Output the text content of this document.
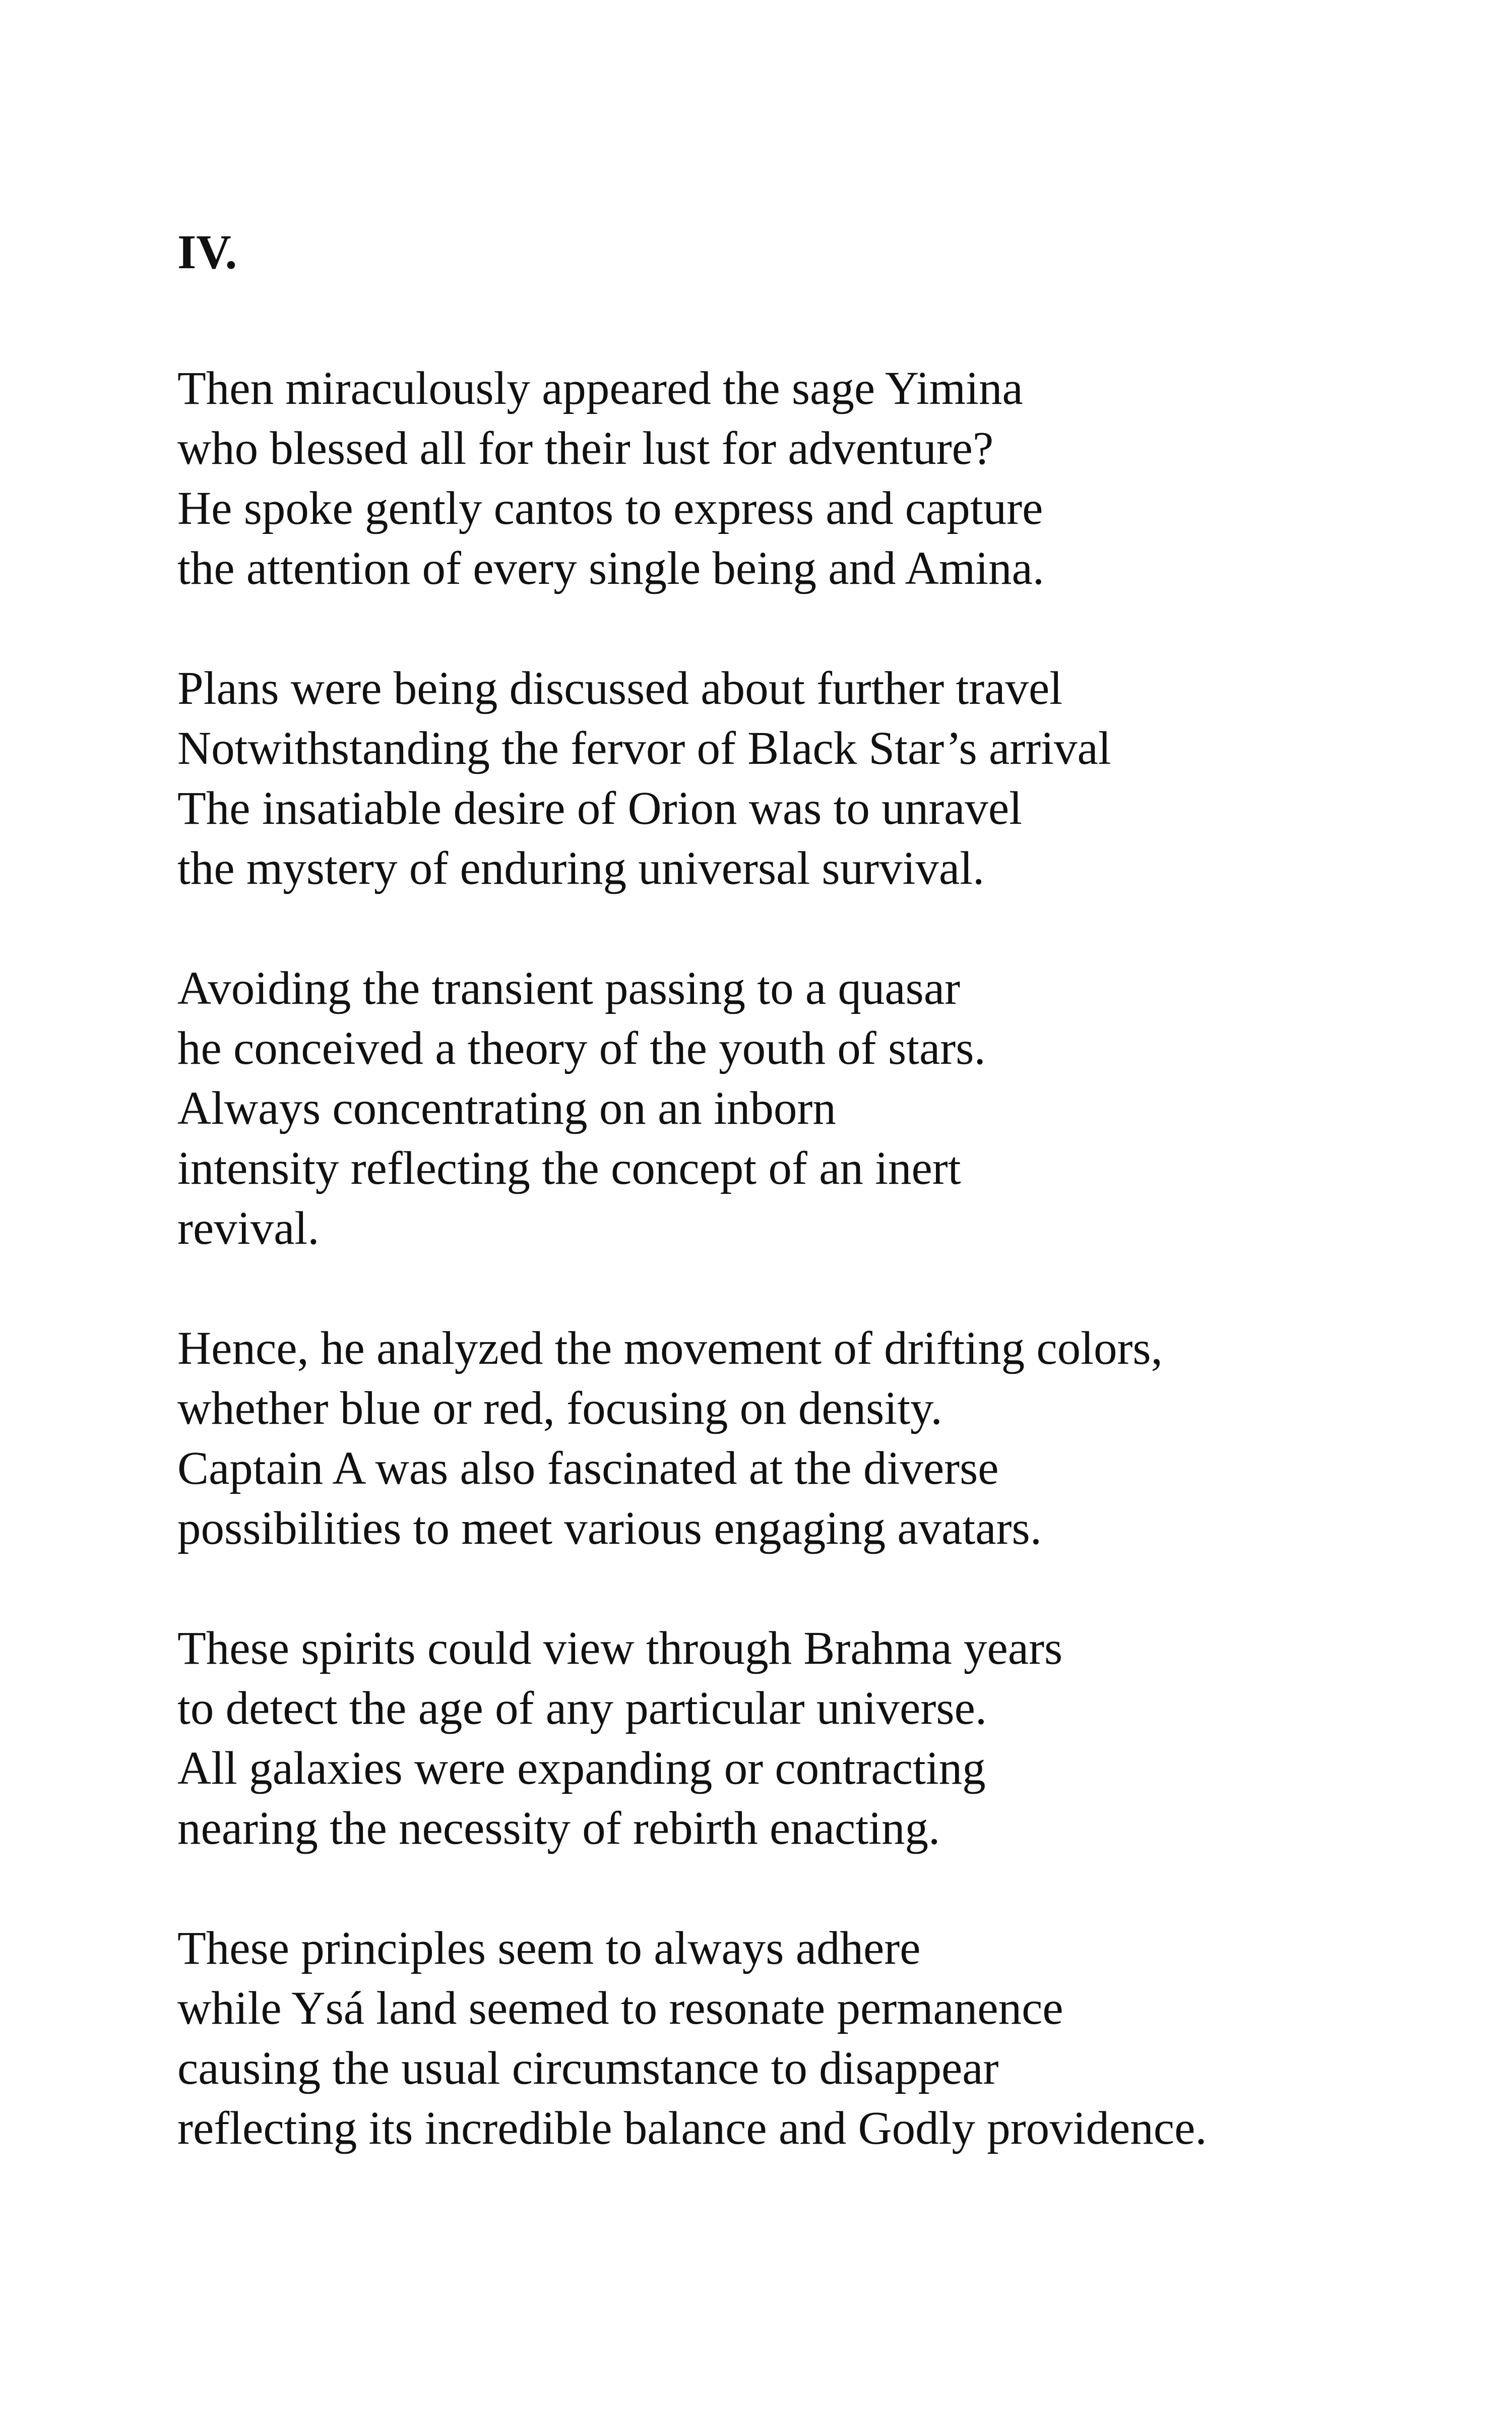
IV.
Then miraculously appeared the sage Yimina
who blessed all for their lust for adventure?
He spoke gently cantos to express and capture
the attention of every single being and Amina.
Plans were being discussed about further travel
Notwithstanding the fervor of Black Star’s arrival
The insatiable desire of Orion was to unravel
the mystery of enduring universal survival.
Avoiding the transient passing to a quasar
he conceived a theory of the youth of stars.
Always concentrating on an inborn
intensity reflecting the concept of an inert
revival.
Hence, he analyzed the movement of drifting colors,
whether blue or red, focusing on density.
Captain A was also fascinated at the diverse
possibilities to meet various engaging avatars.
These spirits could view through Brahma years
to detect the age of any particular universe.
All galaxies were expanding or contracting
nearing the necessity of rebirth enacting.
These principles seem to always adhere
while Ysá land seemed to resonate permanence
causing the usual circumstance to disappear
reflecting its incredible balance and Godly providence.
